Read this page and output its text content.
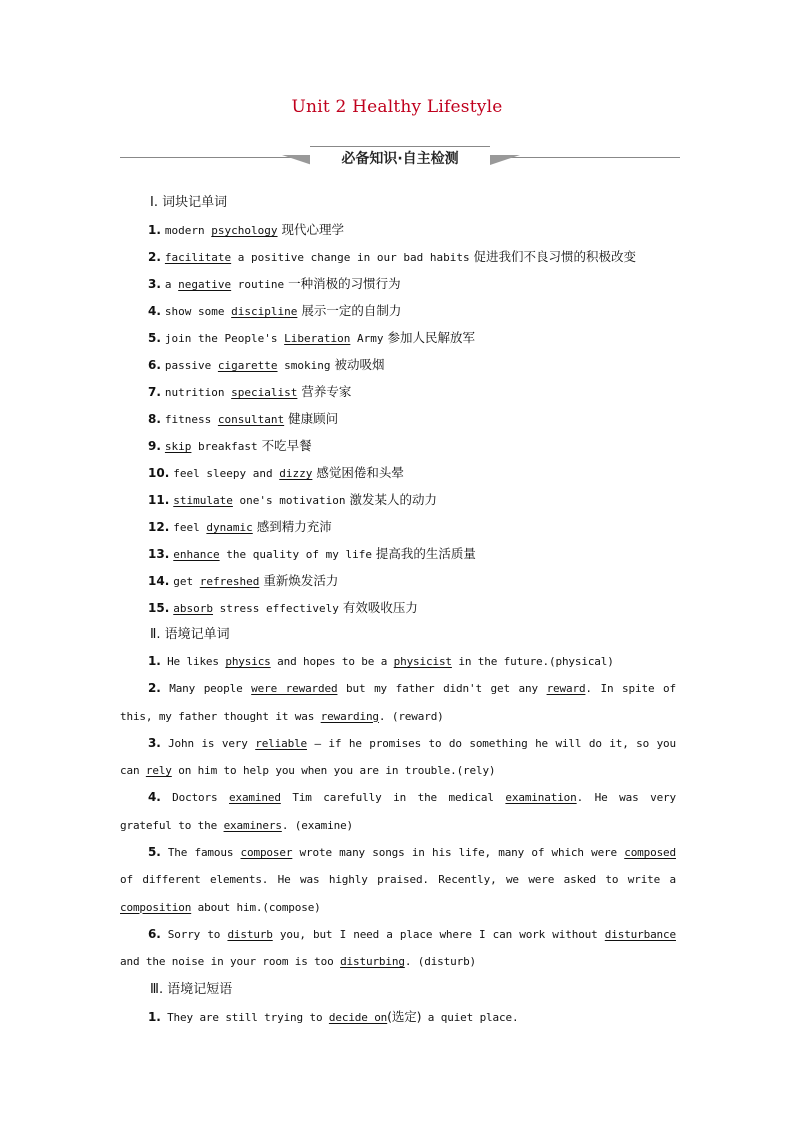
Unit 2 Healthy Lifestyle
必备知识·自主检测
Ⅰ. 词块记单词
1. modern psychology 现代心理学
2. facilitate a positive change in our bad habits 促进我们不良习惯的积极改变
3. a negative routine 一种消极的习惯行为
4. show some discipline 展示一定的自制力
5. join the People's Liberation Army 参加人民解放军
6. passive cigarette smoking 被动吸烟
7. nutrition specialist 营养专家
8. fitness consultant 健康顾问
9. skip breakfast 不吃早餐
10. feel sleepy and dizzy 感觉困倦和头晕
11. stimulate one's motivation 激发某人的动力
12. feel dynamic 感到精力充沛
13. enhance the quality of my life 提高我的生活质量
14. get refreshed 重新焕发活力
15. absorb stress effectively 有效吸收压力
Ⅱ. 语境记单词

1. He likes physics and hopes to be a physicist in the future.(physical)

2. Many people were rewarded but my father didn't get any reward. In spite of this, my father thought it was rewarding. (reward)

3. John is very reliable — if he promises to do something he will do it, so you can rely on him to help you when you are in trouble.(rely)

4. Doctors examined Tim carefully in the medical examination. He was very grateful to the examiners. (examine)

5. The famous composer wrote many songs in his life, many of which were composed of different elements. He was highly praised. Recently, we were asked to write a composition about him.(compose)

6. Sorry to disturb you, but I need a place where I can work without disturbance and the noise in your room is too disturbing. (disturb)

Ⅲ. 语境记短语

1. They are still trying to decide on(选定) a quiet place.
